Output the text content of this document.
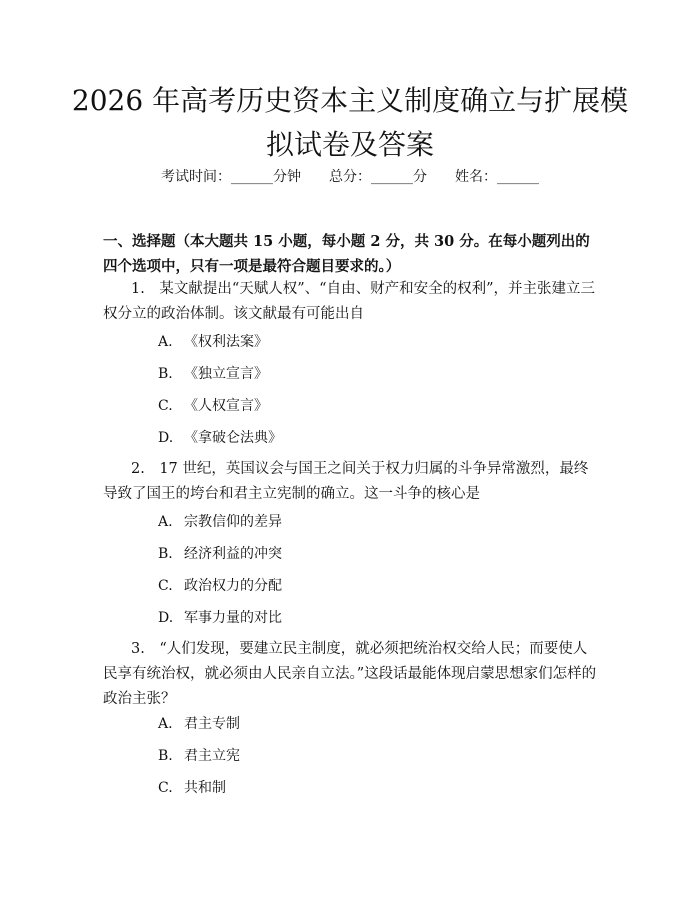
2026 年高考历史资本主义制度确立与扩展模拟试卷及答案
考试时间：______分钟 总分：______分 姓名：______
一、选择题（本大题共 15 小题，每小题 2 分，共 30 分。在每小题列出的四个选项中，只有一项是最符合题目要求的。）
1.　某文献提出“天赋人权”、“自由、财产和安全的权利”，并主张建立三权分立的政治体制。该文献最有可能出自
A. 《权利法案》
B. 《独立宣言》
C. 《人权宣言》
D. 《拿破仑法典》
2.　17 世纪，英国议会与国王之间关于权力归属的斗争异常激烈，最终导致了国王的垮台和君主立宪制的确立。这一斗争的核心是
A. 宗教信仰的差异
B. 经济利益的冲突
C. 政治权力的分配
D. 军事力量的对比
3.　“人们发现，要建立民主制度，就必须把统治权交给人民；而要使人民享有统治权，就必须由人民亲自立法。”这段话最能体现启蒙思想家们怎样的政治主张？
A. 君主专制
B. 君主立宪
C. 共和制
